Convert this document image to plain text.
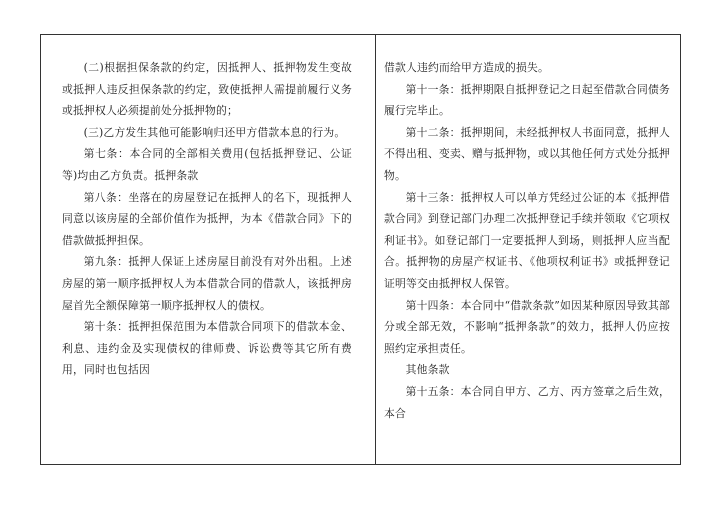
(二)根据担保条款的约定，因抵押人、抵押物发生变故或抵押人违反担保条款的约定，致使抵押人需提前履行义务或抵押权人必须提前处分抵押物的；

(三)乙方发生其他可能影响归还甲方借款本息的行为。

第七条：本合同的全部相关费用(包括抵押登记、公证等)均由乙方负责。抵押条款

第八条：坐落在的房屋登记在抵押人的名下，现抵押人同意以该房屋的全部价值作为抵押，为本《借款合同》下的借款做抵押担保。

第九条：抵押人保证上述房屋目前没有对外出租。上述房屋的第一顺序抵押权人为本借款合同的借款人，该抵押房屋首先全额保障第一顺序抵押权人的债权。

第十条：抵押担保范围为本借款合同项下的借款本金、利息、违约金及实现债权的律师费、诉讼费等其它所有费用，同时也包括因

借款人违约而给甲方造成的损失。

第十一条：抵押期限自抵押登记之日起至借款合同债务履行完毕止。

第十二条：抵押期间，未经抵押权人书面同意，抵押人不得出租、变卖、赠与抵押物，或以其他任何方式处分抵押物。

第十三条：抵押权人可以单方凭经过公证的本《抵押借款合同》到登记部门办理二次抵押登记手续并领取《它项权利证书》。如登记部门一定要抵押人到场，则抵押人应当配合。抵押物的房屋产权证书、《他项权利证书》或抵押登记证明等交由抵押权人保管。

第十四条：本合同中“借款条款”如因某种原因导致其部分或全部无效，不影响“抵押条款”的效力，抵押人仍应按照约定承担责任。

其他条款

第十五条：本合同自甲方、乙方、丙方签章之后生效，本合
